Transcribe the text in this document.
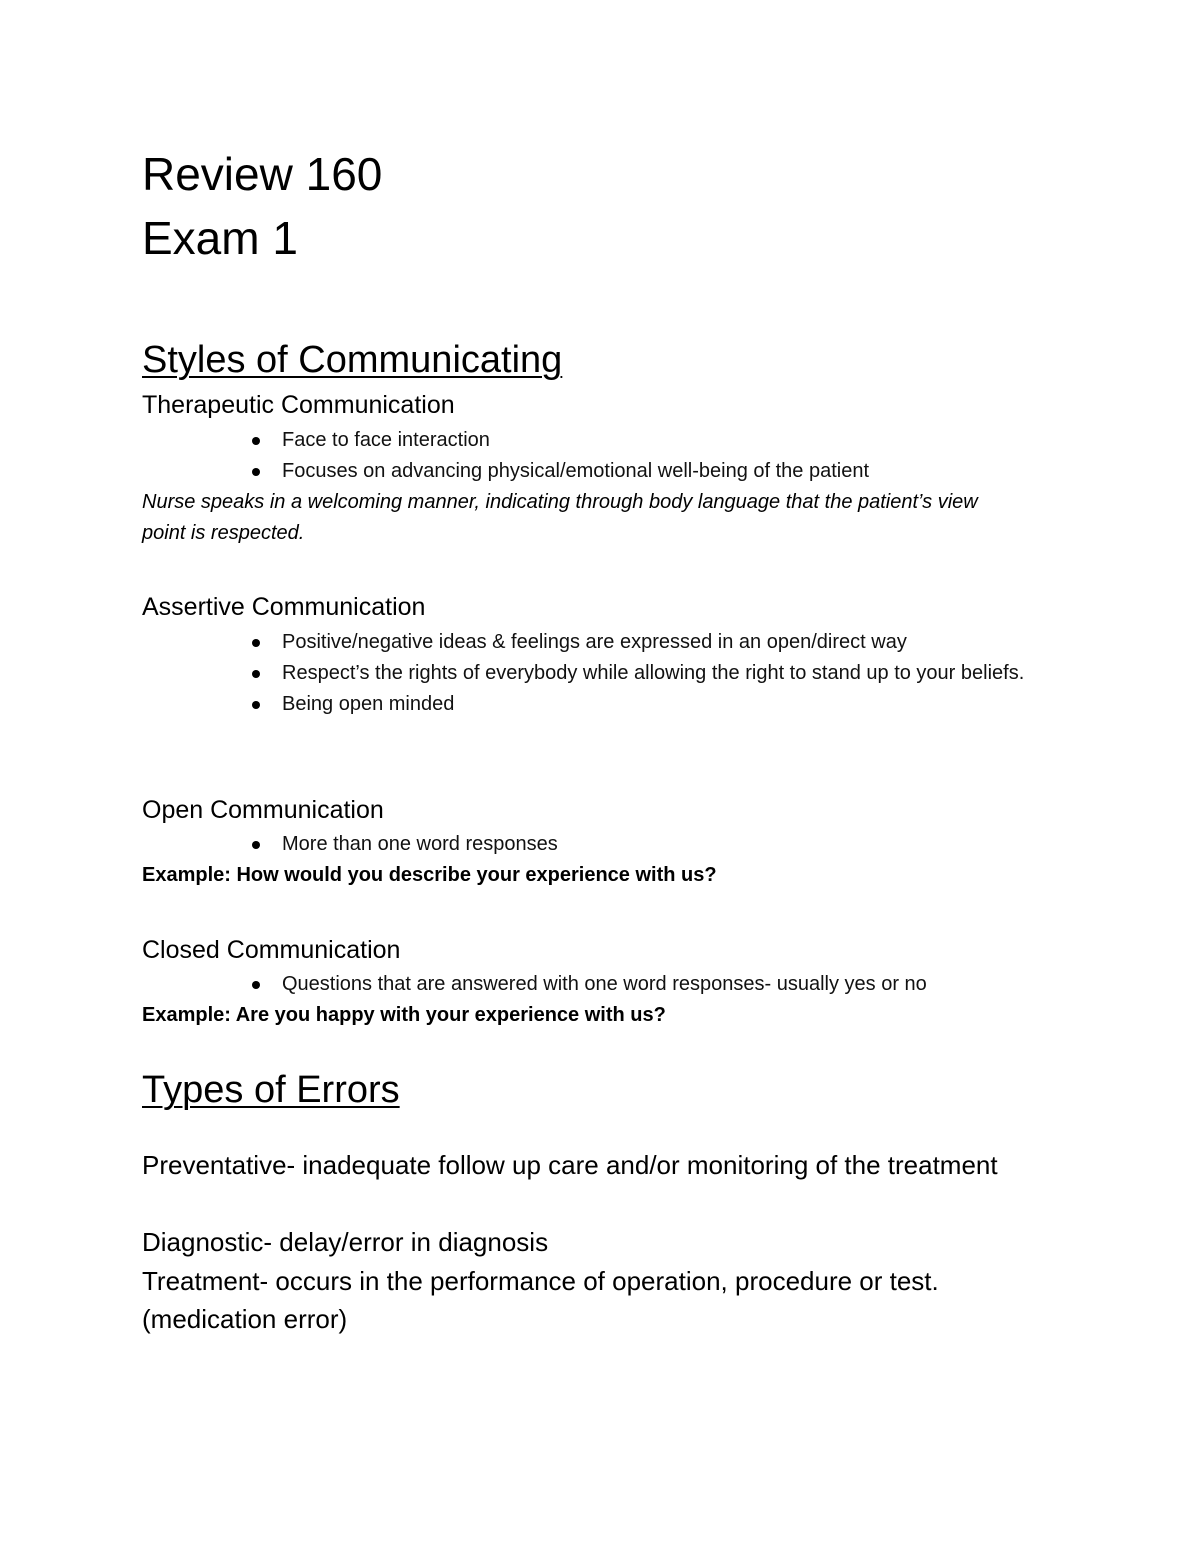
Review 160
Exam 1
Styles of Communicating
Therapeutic Communication
Face to face interaction
Focuses on advancing physical/emotional well-being of the patient

Nurse speaks in a welcoming manner, indicating through body language that the patient’s view point is respected.

Assertive Communication
Positive/negative ideas & feelings are expressed in an open/direct way
Respect’s the rights of everybody while allowing the right to stand up to your beliefs.
Being open minded
Open Communication
More than one word responses

Example: How would you describe your experience with us?

Closed Communication
Questions that are answered with one word responses- usually yes or no

Example: Are you happy with your experience with us?

Types of Errors

Preventative- inadequate follow up care and/or monitoring of the treatment

Diagnostic- delay/error in diagnosis

Treatment- occurs in the performance of operation, procedure or test. (medication error)
